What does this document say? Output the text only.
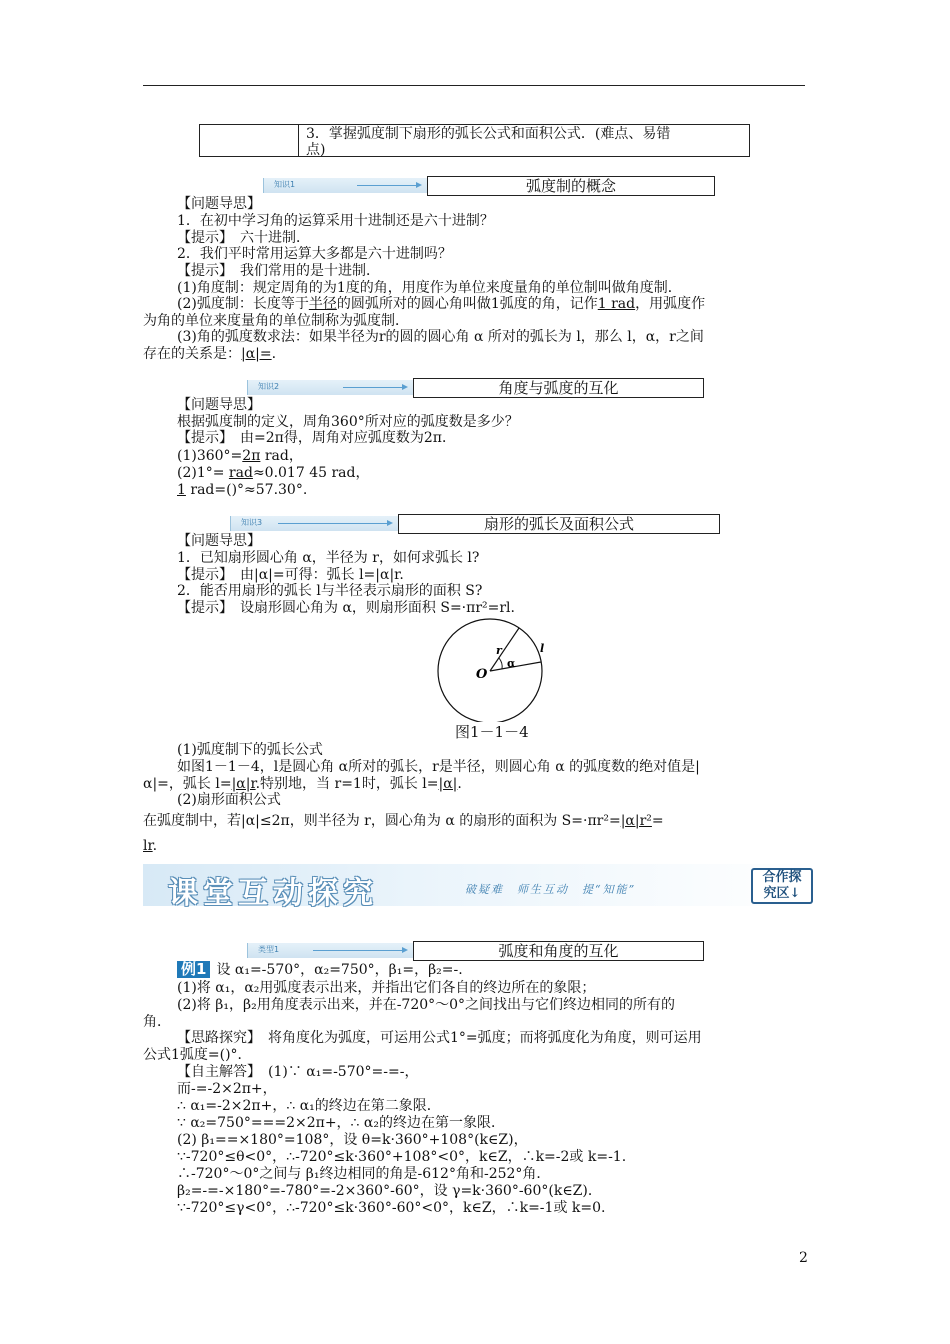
3．掌握弧度制下扇形的弧长公式和面积公式．(难点、易错
点)
知识1	弧度制的概念
【问题导思】
1．在初中学习角的运算采用十进制还是六十进制？
【提示】　六十进制．
2．我们平时常用运算大多都是六十进制吗？
【提示】　我们常用的是十进制．
(1)角度制：规定周角的为1度的角，用度作为单位来度量角的单位制叫做角度制．
(2)弧度制：长度等于半径的圆弧所对的圆心角叫做1弧度的角，记作1 rad，用弧度作
为角的单位来度量角的单位制称为弧度制．
(3)角的弧度数求法：如果半径为r的圆的圆心角 α 所对的弧长为 l，那么 l，α，r之间
存在的关系是：|α|=.
知识2	角度与弧度的互化
【问题导思】
根据弧度制的定义，周角360°所对应的弧度数是多少？
【提示】　由=2π得，周角对应弧度数为2π．
(1)360°=2π rad，
(2)1°= rad≈0.017 45 rad，
1 rad=()°≈57.30°.
知识3	扇形的弧长及面积公式
【问题导思】
1．已知扇形圆心角 α，半径为 r，如何求弧长 l?
【提示】　由|α|=可得：弧长 l=|α|r.
2．能否用扇形的弧长 l与半径表示扇形的面积 S?
【提示】　设扇形圆心角为 α，则扇形面积 S=·πr²=rl.
O
r
α
l
图1－1－4
(1)弧度制下的弧长公式
如图1－1－4，l是圆心角 α所对的弧长，r是半径，则圆心角 α 的弧度数的绝对值是|
α|=，弧长 l=|α|r.特别地，当 r=1时，弧长 l=|α|.
(2)扇形面积公式
在弧度制中，若|α|≤2π，则半径为 r，圆心角为 α 的扇形的面积为 S=·πr²=|α|r²=
lr.
课堂互动探究	破疑难　师生互动　提“知能”
合作探
究区↓
类型1	弧度和角度的互化
例1 设 α₁=-570°，α₂=750°，β₁=，β₂=-.
(1)将 α₁，α₂用弧度表示出来，并指出它们各自的终边所在的象限；
(2)将 β₁，β₂用角度表示出来，并在-720°～0°之间找出与它们终边相同的所有的
角．
【思路探究】　将角度化为弧度，可运用公式1°=弧度；而将弧度化为角度，则可运用
公式1弧度=()°．
【自主解答】　(1)∵ α₁=-570°=-=-，
而-=-2×2π+，
∴ α₁=-2×2π+，∴ α₁的终边在第二象限．
∵ α₂=750°===2×2π+，∴ α₂的终边在第一象限．
(2) β₁==×180°=108°，设 θ=k·360°+108°(k∈Z)，
∵-720°≤θ<0°，∴-720°≤k·360°+108°<0°，k∈Z，∴k=-2或 k=-1.
∴-720°～0°之间与 β₁终边相同的角是-612°角和-252°角．
β₂=-=-×180°=-780°=-2×360°-60°，设 γ=k·360°-60°(k∈Z)．
∵-720°≤γ<0°，∴-720°≤k·360°-60°<0°，k∈Z，∴k=-1或 k=0.
2
